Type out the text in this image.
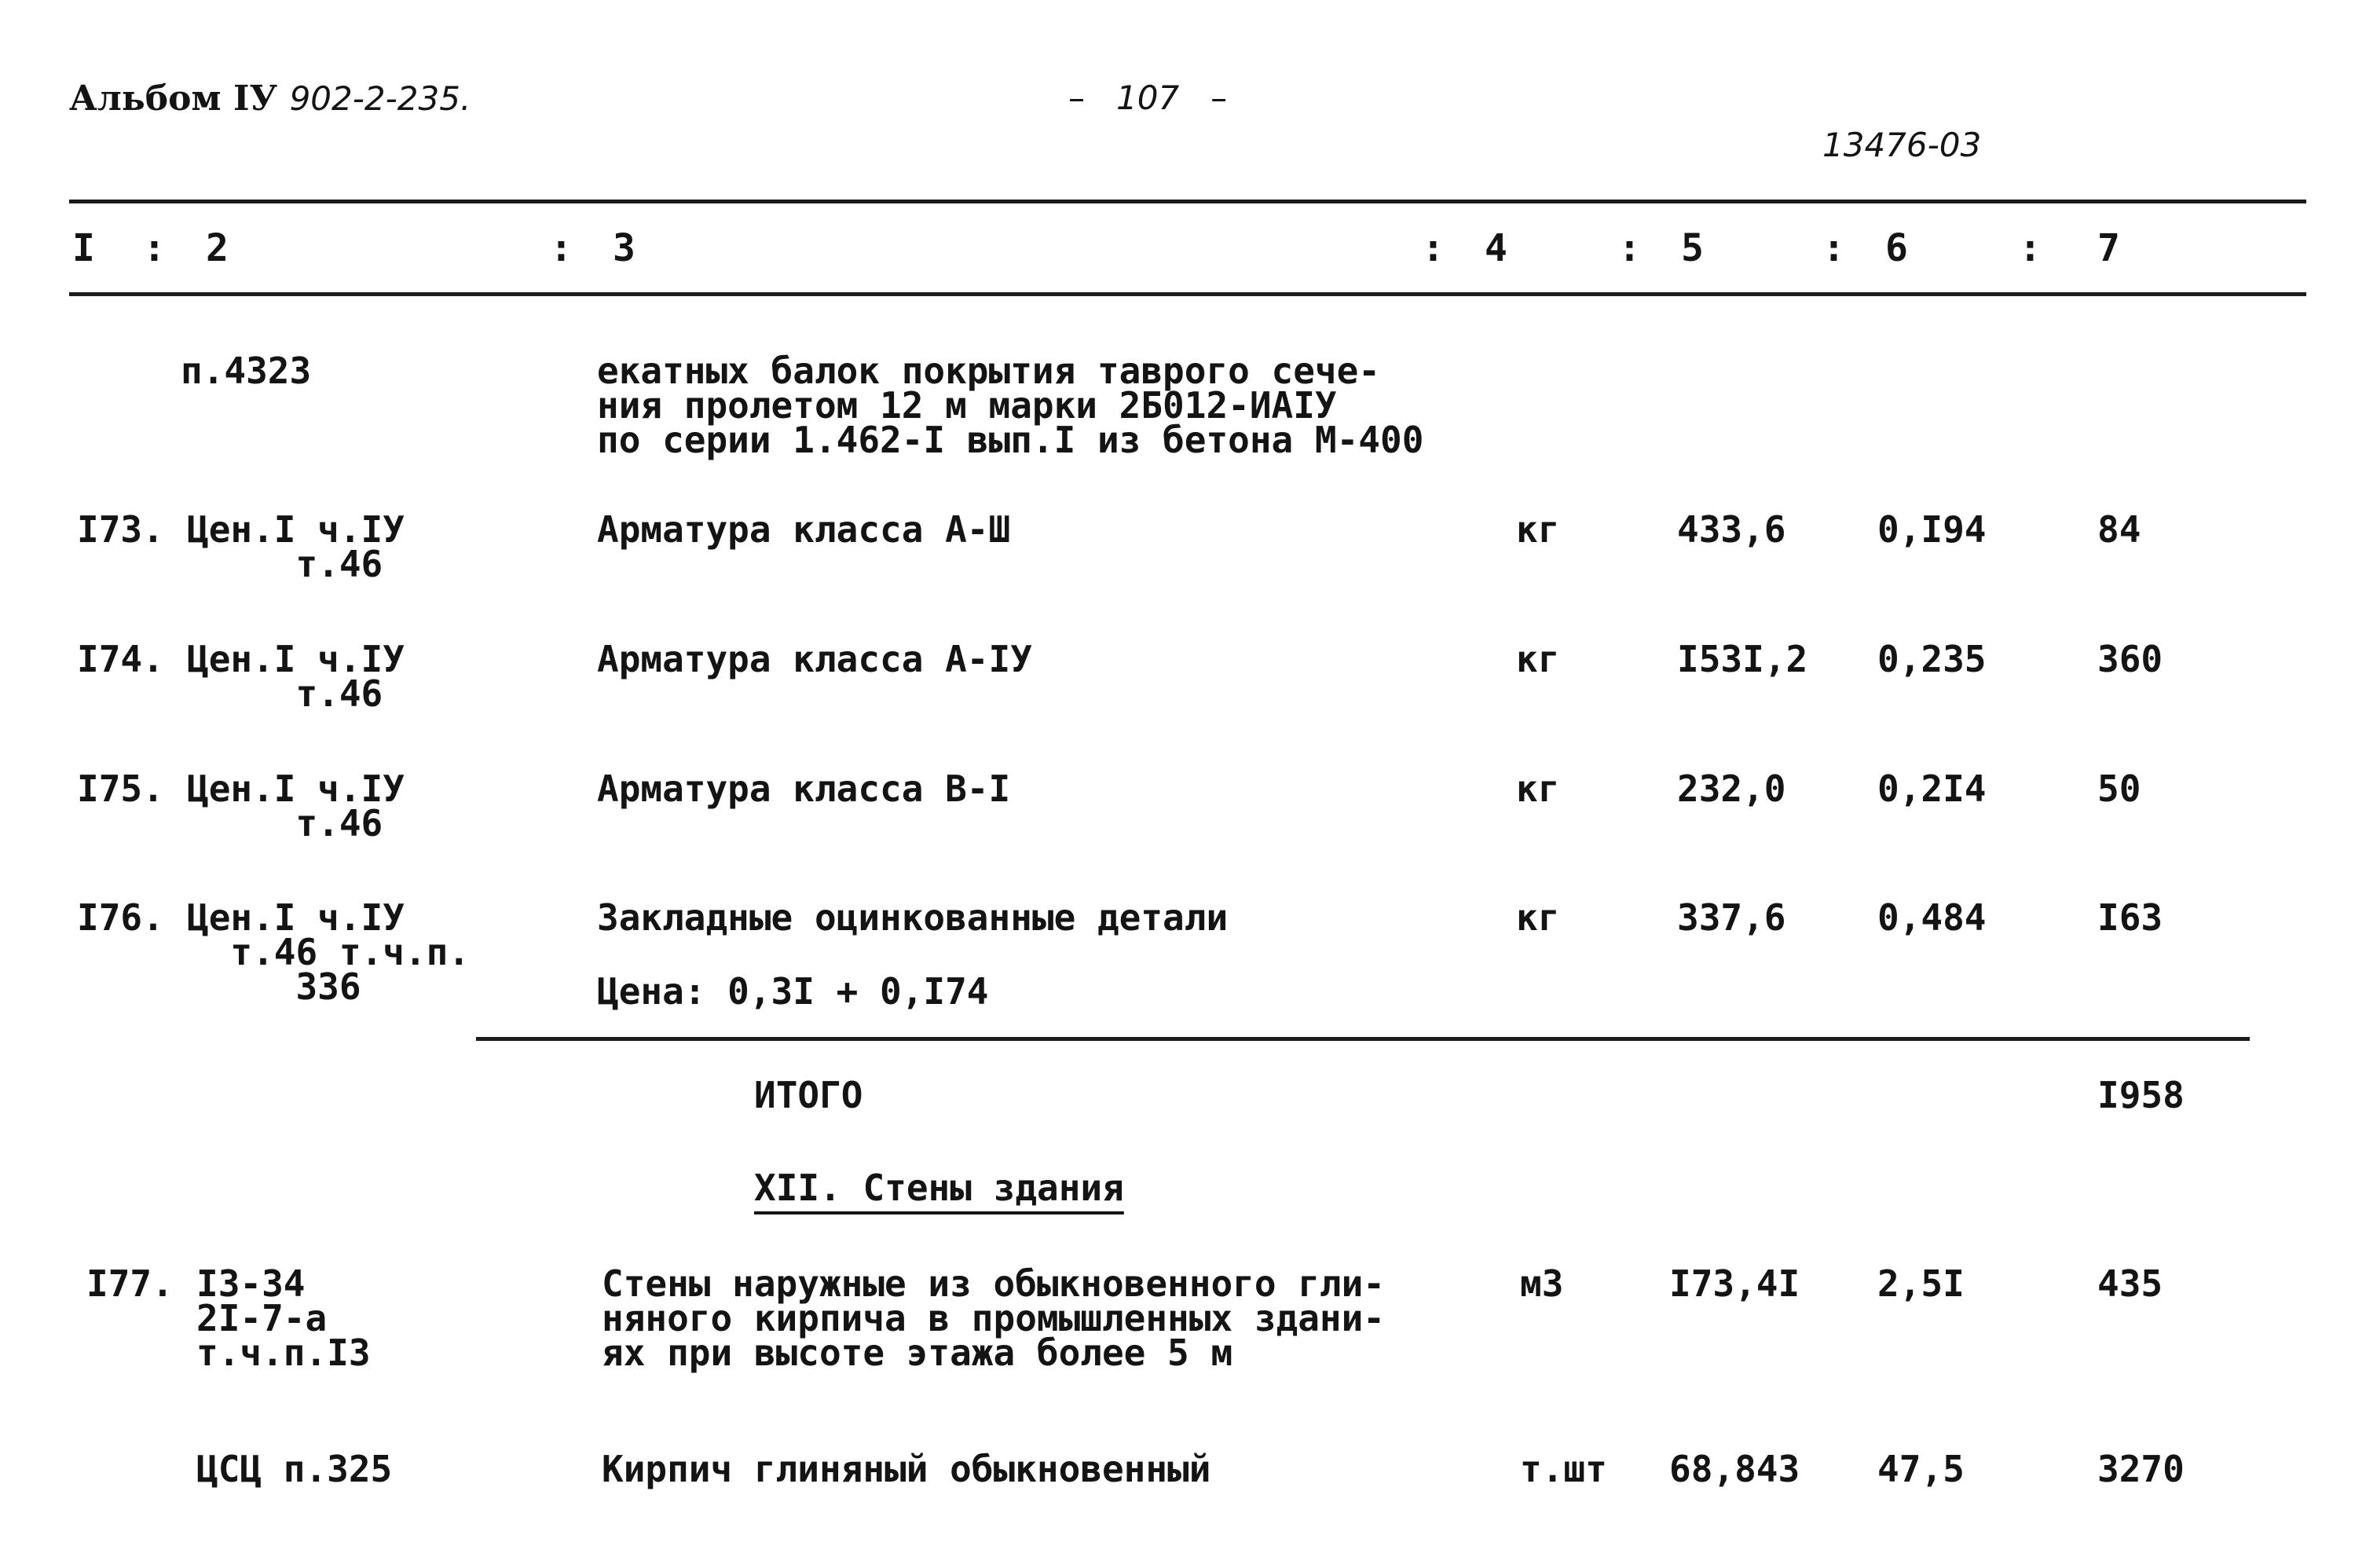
Альбом IУ 902-2-235.	– 107 –
13476-03
I : 2	: 3	: 4	: 5	: 6	: 7
п.4323	екатных балок покрытия таврого сече-
ния пролетом 12 м марки 2Б012-ИАIУ
по серии 1.462-I вып.I из бетона М-400
I73. Цен.I ч.IУ
т.46
Арматура класса А-Ш	кг	433,6	0,I94	84
I74. Цен.I ч.IУ
т.46
Арматура класса А-IУ	кг	I53I,2 0,235	360
I75. Цен.I ч.IУ
т.46
Арматура класса В-I	кг	232,0	0,2I4	50
I76. Цен.I ч.IУ
т.46 т.ч.п.
336
Закладные оцинкованные детали	кг	337,6	0,484	I63
Цена: 0,3I + 0,I74
ИТОГО	I958
XII. Стены здания
I77. I3-34
2I-7-а
т.ч.п.I3
Стены наружные из обыкновенного гли-
няного кирпича в промышленных здани-
ях при высоте этажа более 5 м
м3	I73,4I 2,5I	435
ЦСЦ п.325	Кирпич глиняный обыкновенный	т.шт 68,843 47,5	3270
